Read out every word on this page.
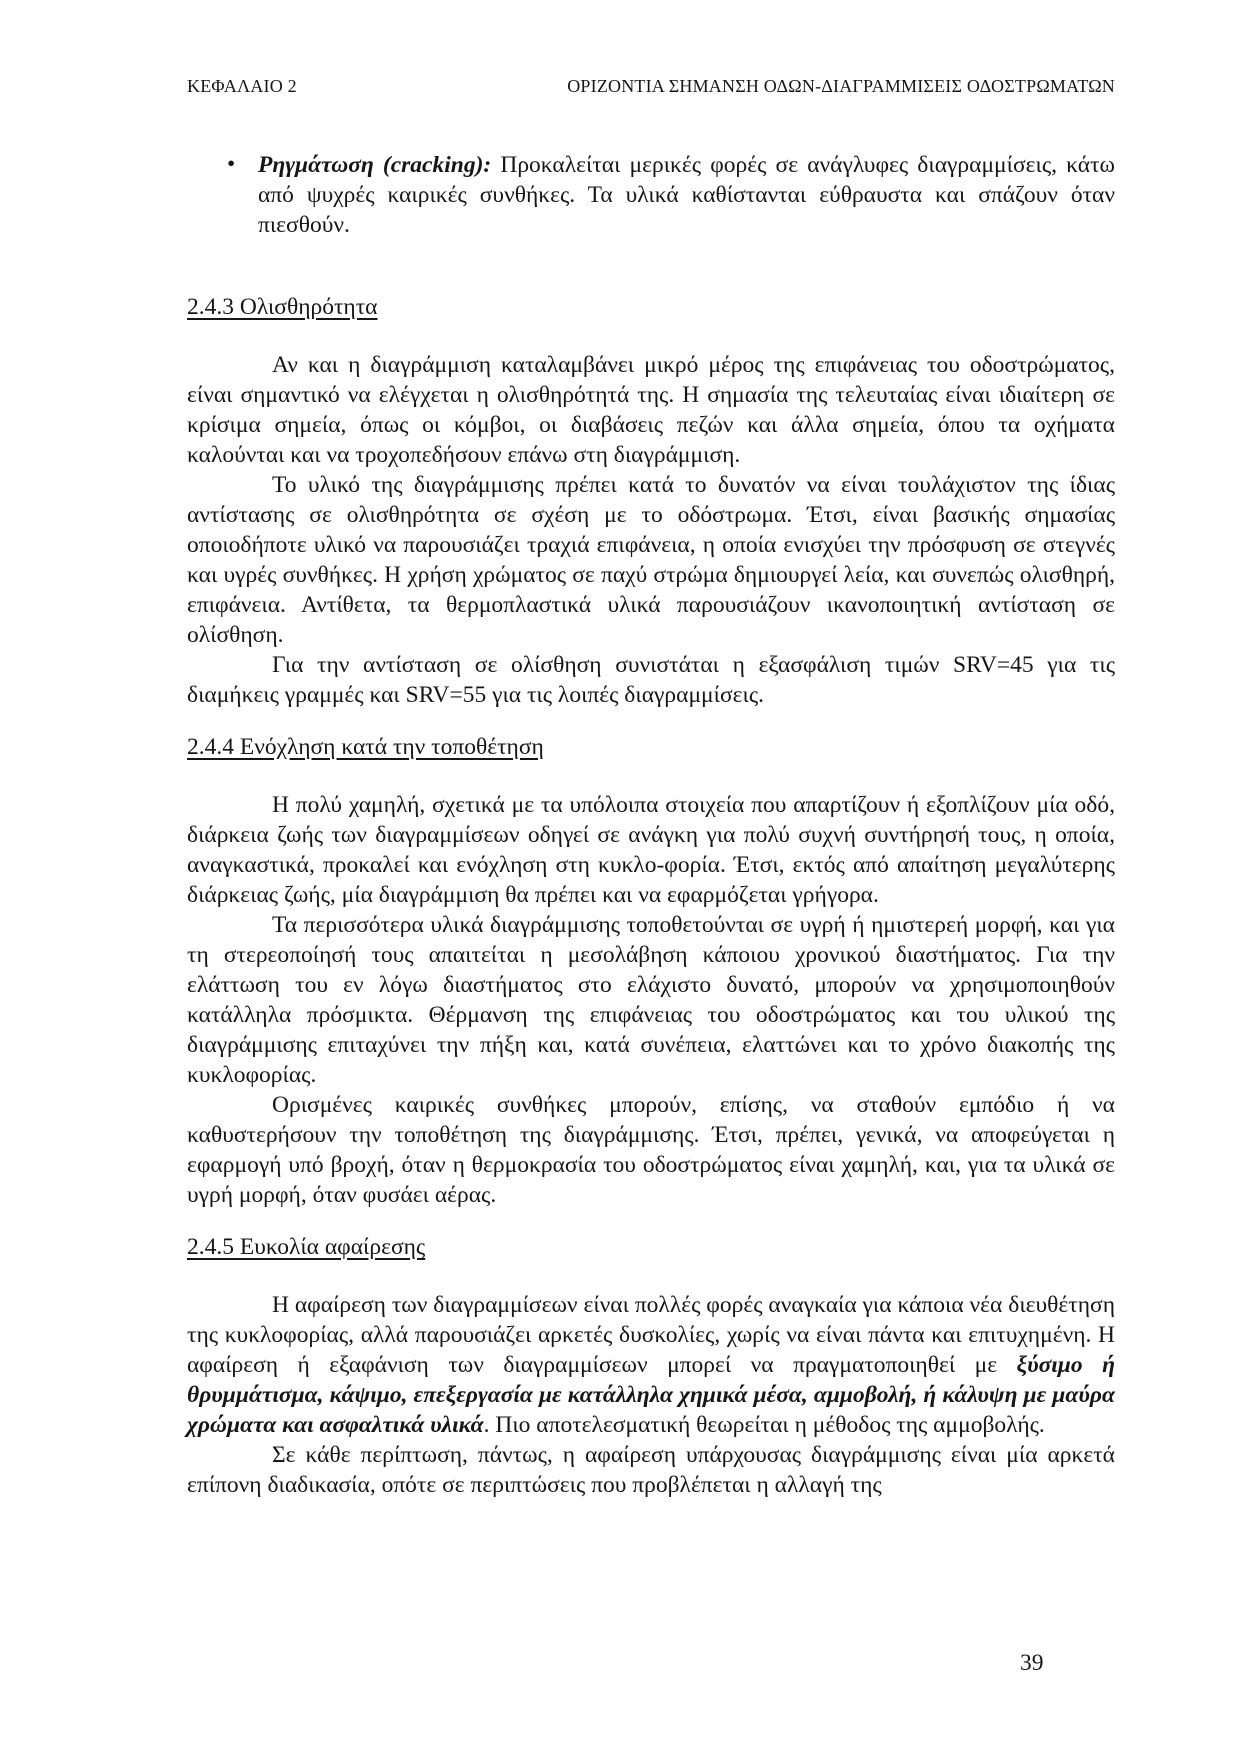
ΚΕΦΑΛΑΙΟ 2	ΟΡΙΖΟΝΤΙΑ ΣΗΜΑΝΣΗ ΟΔΩΝ-ΔΙΑΓΡΑΜΜΙΣΕΙΣ ΟΔΟΣΤΡΩΜΑΤΩΝ
• Ρηγμάτωση (cracking): Προκαλείται μερικές φορές σε ανάγλυφες διαγραμμίσεις, κάτω από ψυχρές καιρικές συνθήκες. Τα υλικά καθίστανται εύθραυστα και σπάζουν όταν πιεσθούν.
2.4.3 Ολισθηρότητα

Αν και η διαγράμμιση καταλαμβάνει μικρό μέρος της επιφάνειας του οδοστρώματος, είναι σημαντικό να ελέγχεται η ολισθηρότητά της. Η σημασία της τελευταίας είναι ιδιαίτερη σε κρίσιμα σημεία, όπως οι κόμβοι, οι διαβάσεις πεζών και άλλα σημεία, όπου τα οχήματα καλούνται και να τροχοπεδήσουν επάνω στη διαγράμμιση.

Το υλικό της διαγράμμισης πρέπει κατά το δυνατόν να είναι τουλάχιστον της ίδιας αντίστασης σε ολισθηρότητα σε σχέση με το οδόστρωμα. Έτσι, είναι βασικής σημασίας οποιοδήποτε υλικό να παρουσιάζει τραχιά επιφάνεια, η οποία ενισχύει την πρόσφυση σε στεγνές και υγρές συνθήκες. Η χρήση χρώματος σε παχύ στρώμα δημιουργεί λεία, και συνεπώς ολισθηρή, επιφάνεια. Αντίθετα, τα θερμοπλαστικά υλικά παρουσιάζουν ικανοποιητική αντίσταση σε ολίσθηση.

Για την αντίσταση σε ολίσθηση συνιστάται η εξασφάλιση τιμών SRV=45 για τις διαμήκεις γραμμές και SRV=55 για τις λοιπές διαγραμμίσεις.

2.4.4 Ενόχληση κατά την τοποθέτηση

Η πολύ χαμηλή, σχετικά με τα υπόλοιπα στοιχεία που απαρτίζουν ή εξοπλίζουν μία οδό, διάρκεια ζωής των διαγραμμίσεων οδηγεί σε ανάγκη για πολύ συχνή συντήρησή τους, η οποία, αναγκαστικά, προκαλεί και ενόχληση στη κυκλο-φορία. Έτσι, εκτός από απαίτηση μεγαλύτερης διάρκειας ζωής, μία διαγράμμιση θα πρέπει και να εφαρμόζεται γρήγορα.

Τα περισσότερα υλικά διαγράμμισης τοποθετούνται σε υγρή ή ημιστερεή μορφή, και για τη στερεοποίησή τους απαιτείται η μεσολάβηση κάποιου χρονικού διαστήματος. Για την ελάττωση του εν λόγω διαστήματος στο ελάχιστο δυνατό, μπορούν να χρησιμοποιηθούν κατάλληλα πρόσμικτα. Θέρμανση της επιφάνειας του οδοστρώματος και του υλικού της διαγράμμισης επιταχύνει την πήξη και, κατά συνέπεια, ελαττώνει και το χρόνο διακοπής της κυκλοφορίας.

Ορισμένες καιρικές συνθήκες μπορούν, επίσης, να σταθούν εμπόδιο ή να καθυστερήσουν την τοποθέτηση της διαγράμμισης. Έτσι, πρέπει, γενικά, να αποφεύγεται η εφαρμογή υπό βροχή, όταν η θερμοκρασία του οδοστρώματος είναι χαμηλή, και, για τα υλικά σε υγρή μορφή, όταν φυσάει αέρας.

2.4.5 Ευκολία αφαίρεσης

Η αφαίρεση των διαγραμμίσεων είναι πολλές φορές αναγκαία για κάποια νέα διευθέτηση της κυκλοφορίας, αλλά παρουσιάζει αρκετές δυσκολίες, χωρίς να είναι πάντα και επιτυχημένη. Η αφαίρεση ή εξαφάνιση των διαγραμμίσεων μπορεί να πραγματοποιηθεί με ξύσιμο ή θρυμμάτισμα, κάψιμο, επεξεργασία με κατάλληλα χημικά μέσα, αμμοβολή, ή κάλυψη με μαύρα χρώματα και ασφαλτικά υλικά. Πιο αποτελεσματική θεωρείται η μέθοδος της αμμοβολής.

Σε κάθε περίπτωση, πάντως, η αφαίρεση υπάρχουσας διαγράμμισης είναι μία αρκετά επίπονη διαδικασία, οπότε σε περιπτώσεις που προβλέπεται η αλλαγή της

39
